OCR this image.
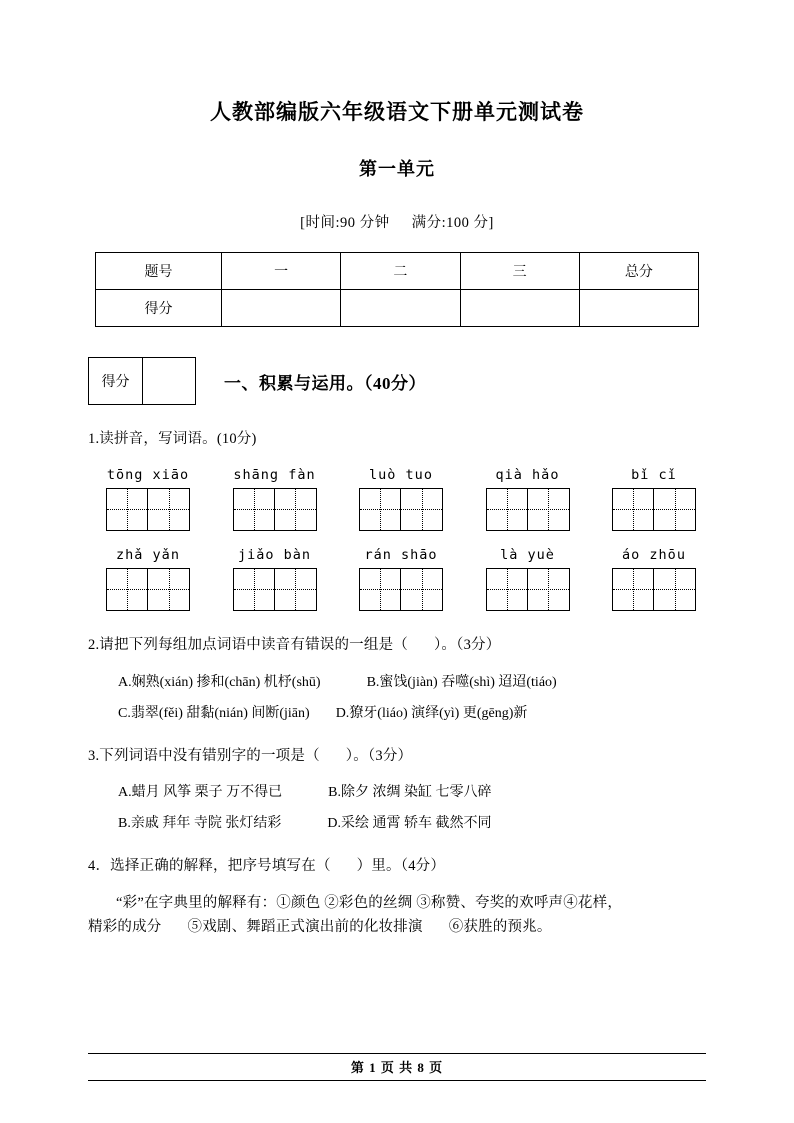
人教部编版六年级语文下册单元测试卷
第一单元
[时间:90 分钟 满分:100 分]
题号	一	二	三	总分
得分				
得分	一、积累与运用。（40分）
1.读拼音，写词语。(10分)
tōng xiāo	shāng fàn	luò tuo	qià hǎo	bǐ cǐ
zhǎ yǎn	jiǎo bàn	rán shāo	là yuè	áo zhōu
2.请把下列每组加点词语中读音有错误的一组是（ ）。（3分）
A.娴熟(xián) 掺和(chān) 机杼(shū)	B.蜜饯(jiàn) 吞噬(shì) 迢迢(tiáo)
C.翡翠(fěi) 甜黏(nián) 间断(jiān) D.獠牙(liáo) 演绎(yì) 更(gēng)新
3.下列词语中没有错别字的一项是（ ）。（3分）
A.蜡月 风筝 栗子 万不得已	B.除夕 浓绸 染缸 七零八碎
B.亲戚 拜年 寺院 张灯结彩	D.采绘 通霄 轿车 截然不同
4．选择正确的解释，把序号填写在（ ）里。（4分）
“彩”在字典里的解释有：①颜色 ②彩色的丝绸 ③称赞、夸奖的欢呼声④花样，
精彩的成分 ⑤戏剧、舞蹈正式演出前的化妆排演 ⑥获胜的预兆。
第 1 页 共 8 页
